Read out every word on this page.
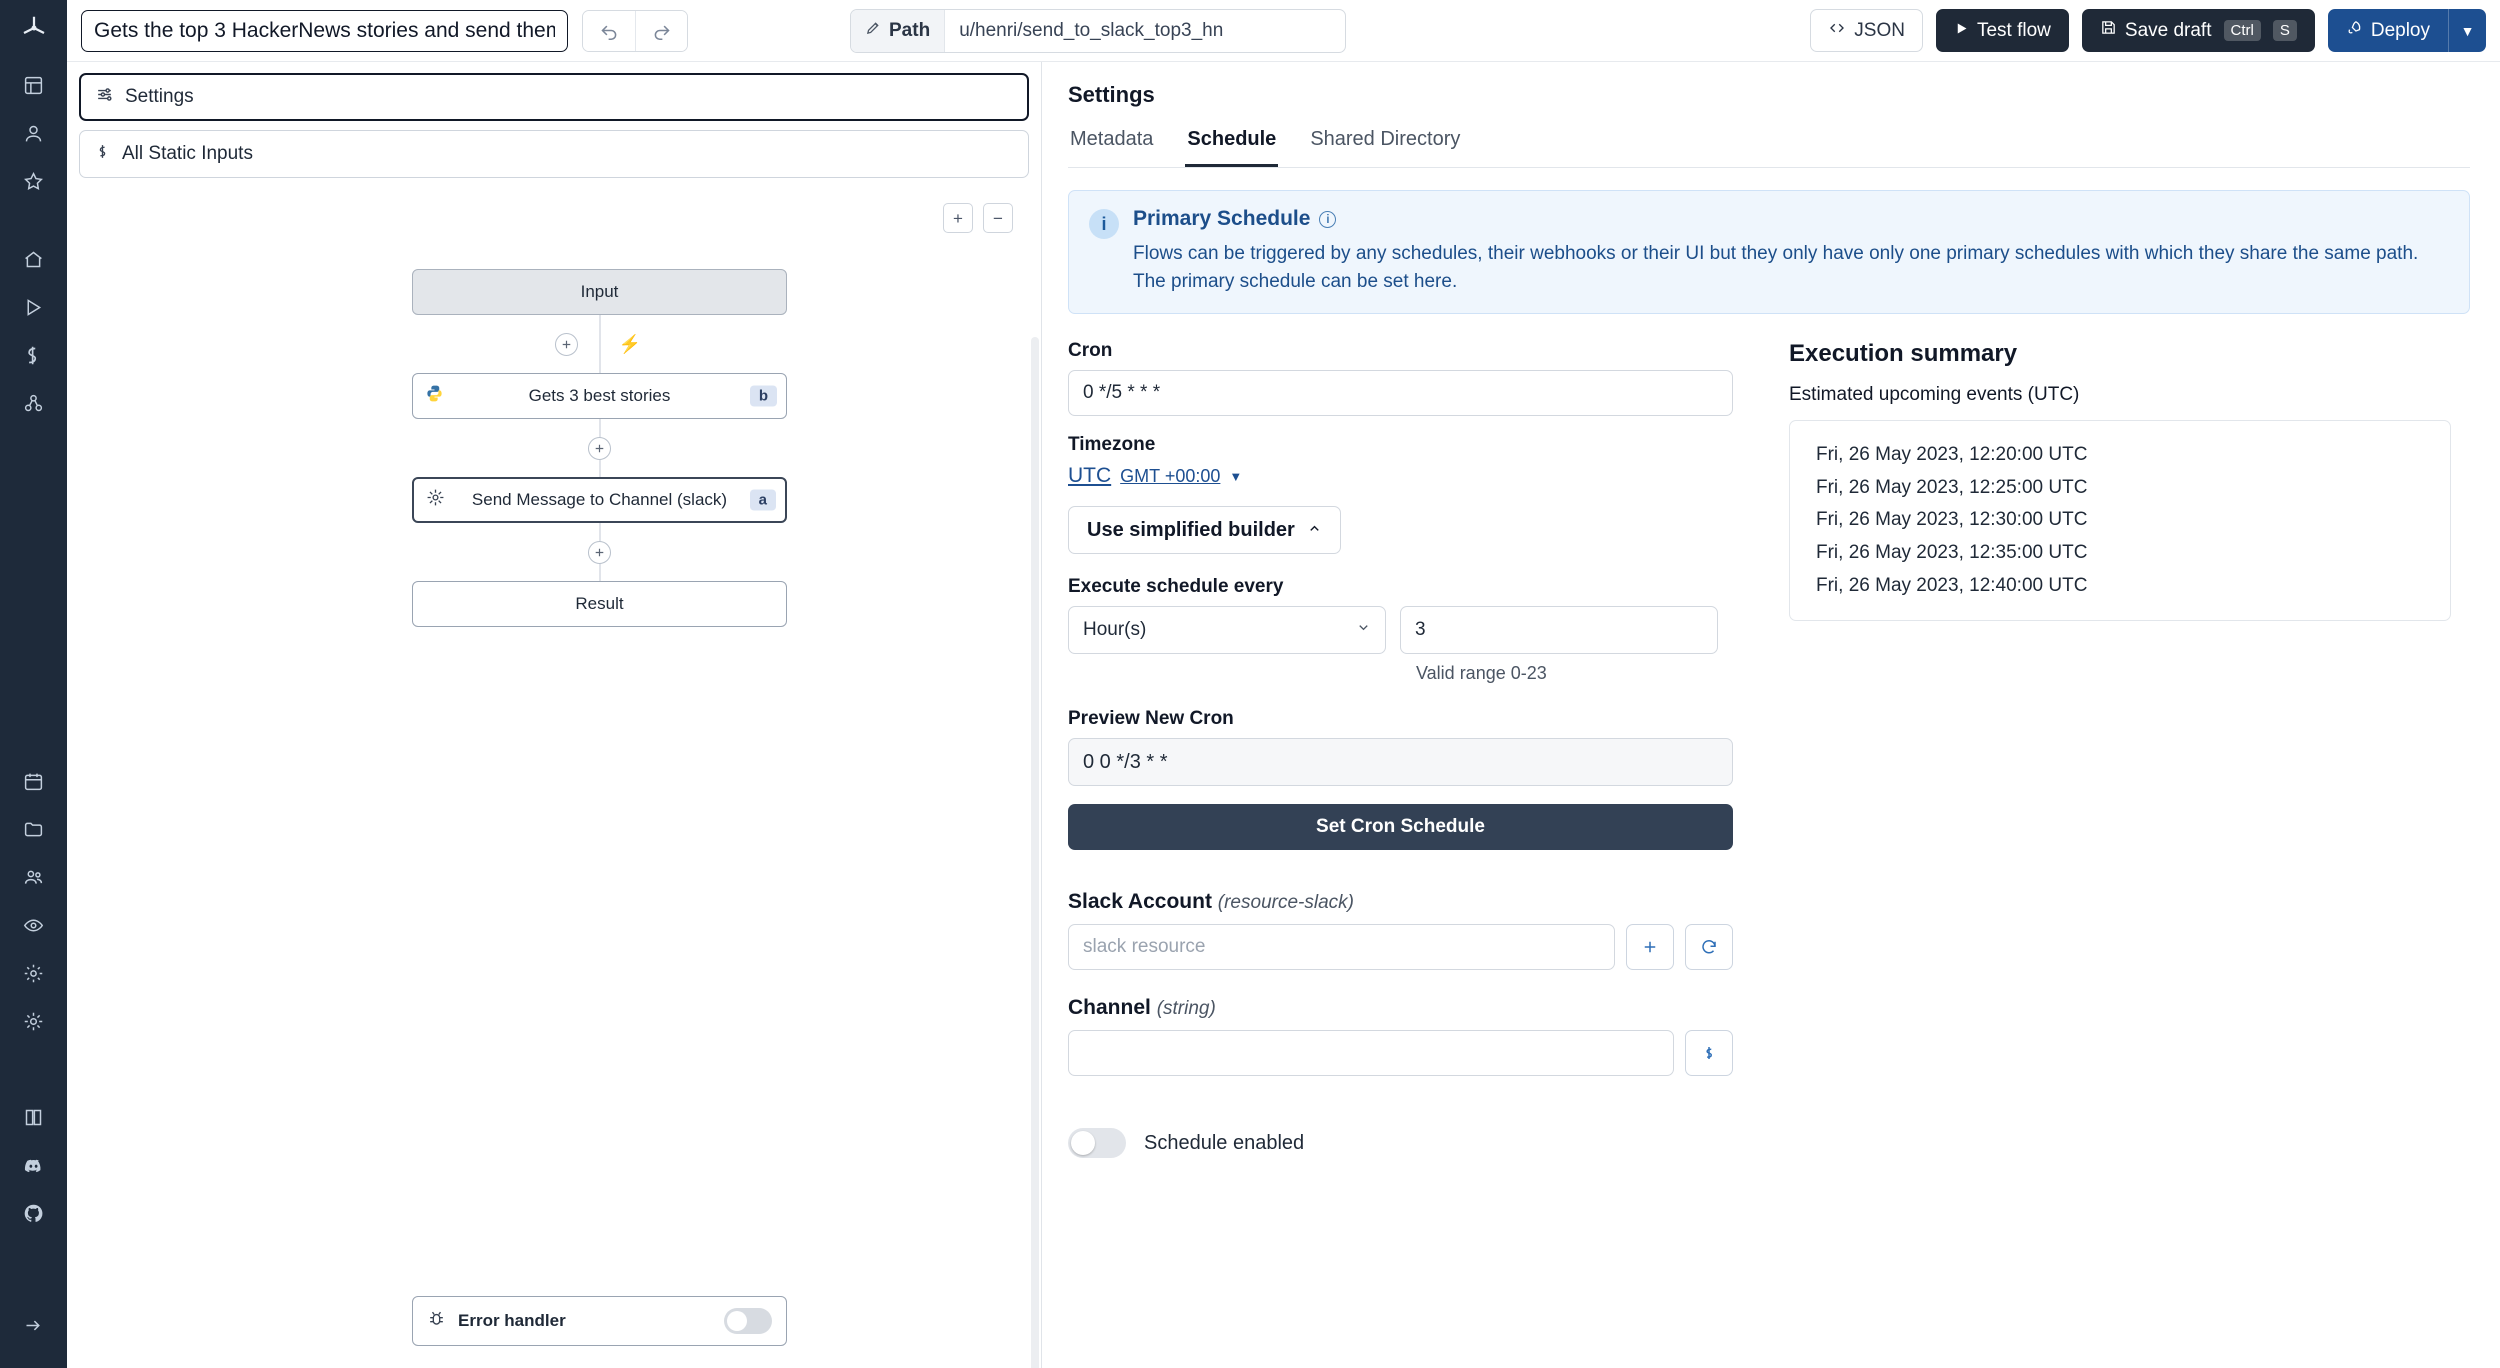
Gets the top 3 HackerNews stories and send them
Path	u/henri/send_to_slack_top3_hn	JSON	Test flow	Save draft	Ctrl	S	Deploy	▼
Settings
All Static Inputs
+	−
Input
⚡
Gets 3 best stories	b
Send Message to Channel (slack)	a
Result
Error handler
Settings
Metadata Schedule Shared Directory
i	Primary Schedule	i
Flows can be triggered by any schedules, their webhooks or their UI but they only have only one primary schedules with which they share the same path. The primary schedule can be set here.
Cron
0 */5 * * *
Timezone
UTC GMT +00:00 ▼
Use simplified builder
Execute schedule every
Hour(s)
3
Valid range 0-23
Preview New Cron
0 0 */3 * *
Set Cron Schedule
Slack Account (resource-slack)
slack resource
Channel (string)
Schedule enabled
Execution summary
Estimated upcoming events (UTC)
Fri, 26 May 2023, 12:20:00 UTC
Fri, 26 May 2023, 12:25:00 UTC
Fri, 26 May 2023, 12:30:00 UTC
Fri, 26 May 2023, 12:35:00 UTC
Fri, 26 May 2023, 12:40:00 UTC
